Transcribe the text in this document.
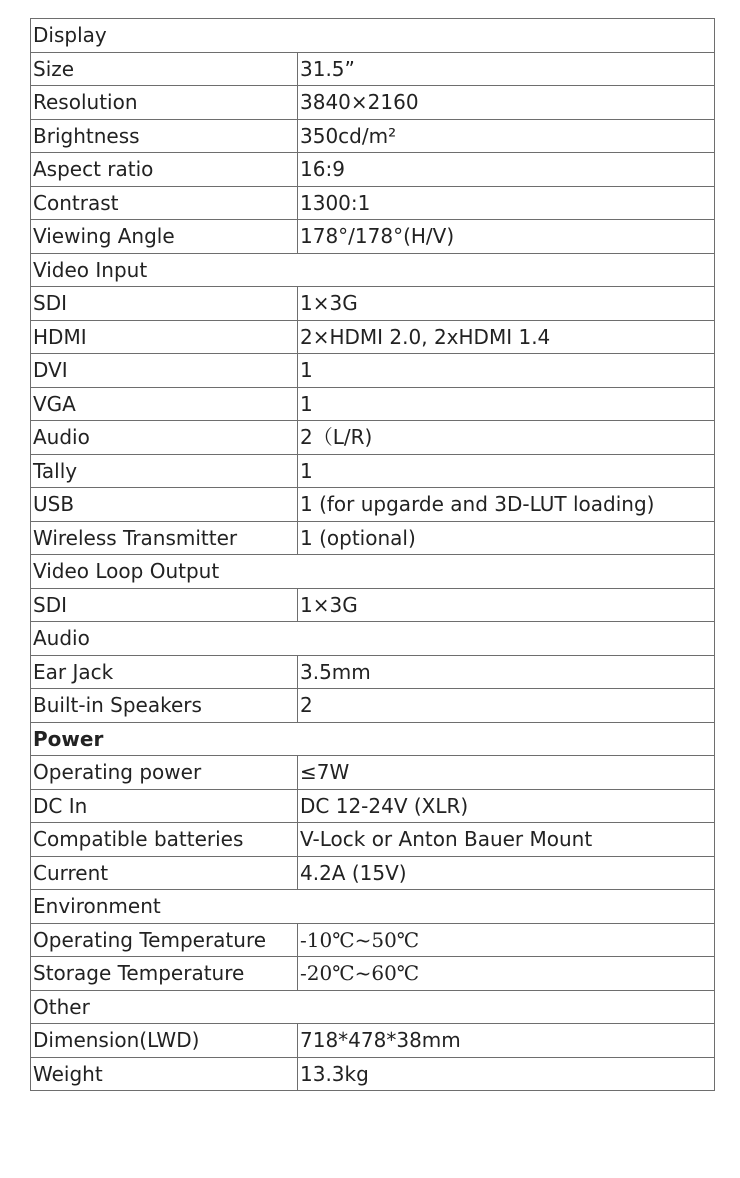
Display	
Size	31.5”
Resolution	3840×2160
Brightness	350cd/m²
Aspect ratio	16:9
Contrast	1300:1
Viewing Angle	178°/178°(H/V)
Video Input	
SDI	1×3G
HDMI	2×HDMI 2.0, 2xHDMI 1.4
DVI	1
VGA	1
Audio	2（L/R)
Tally	1
USB	1 (for upgarde and 3D-LUT loading)
Wireless Transmitter	1 (optional)
Video Loop Output	
SDI	1×3G
Audio	
Ear Jack	3.5mm
Built-in Speakers	2
Power	
Operating power	≤7W
DC In	DC 12-24V (XLR)
Compatible batteries	V-Lock or Anton Bauer Mount
Current	4.2A (15V)
Environment	
Operating Temperature	-10℃~50℃
Storage Temperature	-20℃~60℃
Other	
Dimension(LWD)	718*478*38mm
Weight	13.3kg
